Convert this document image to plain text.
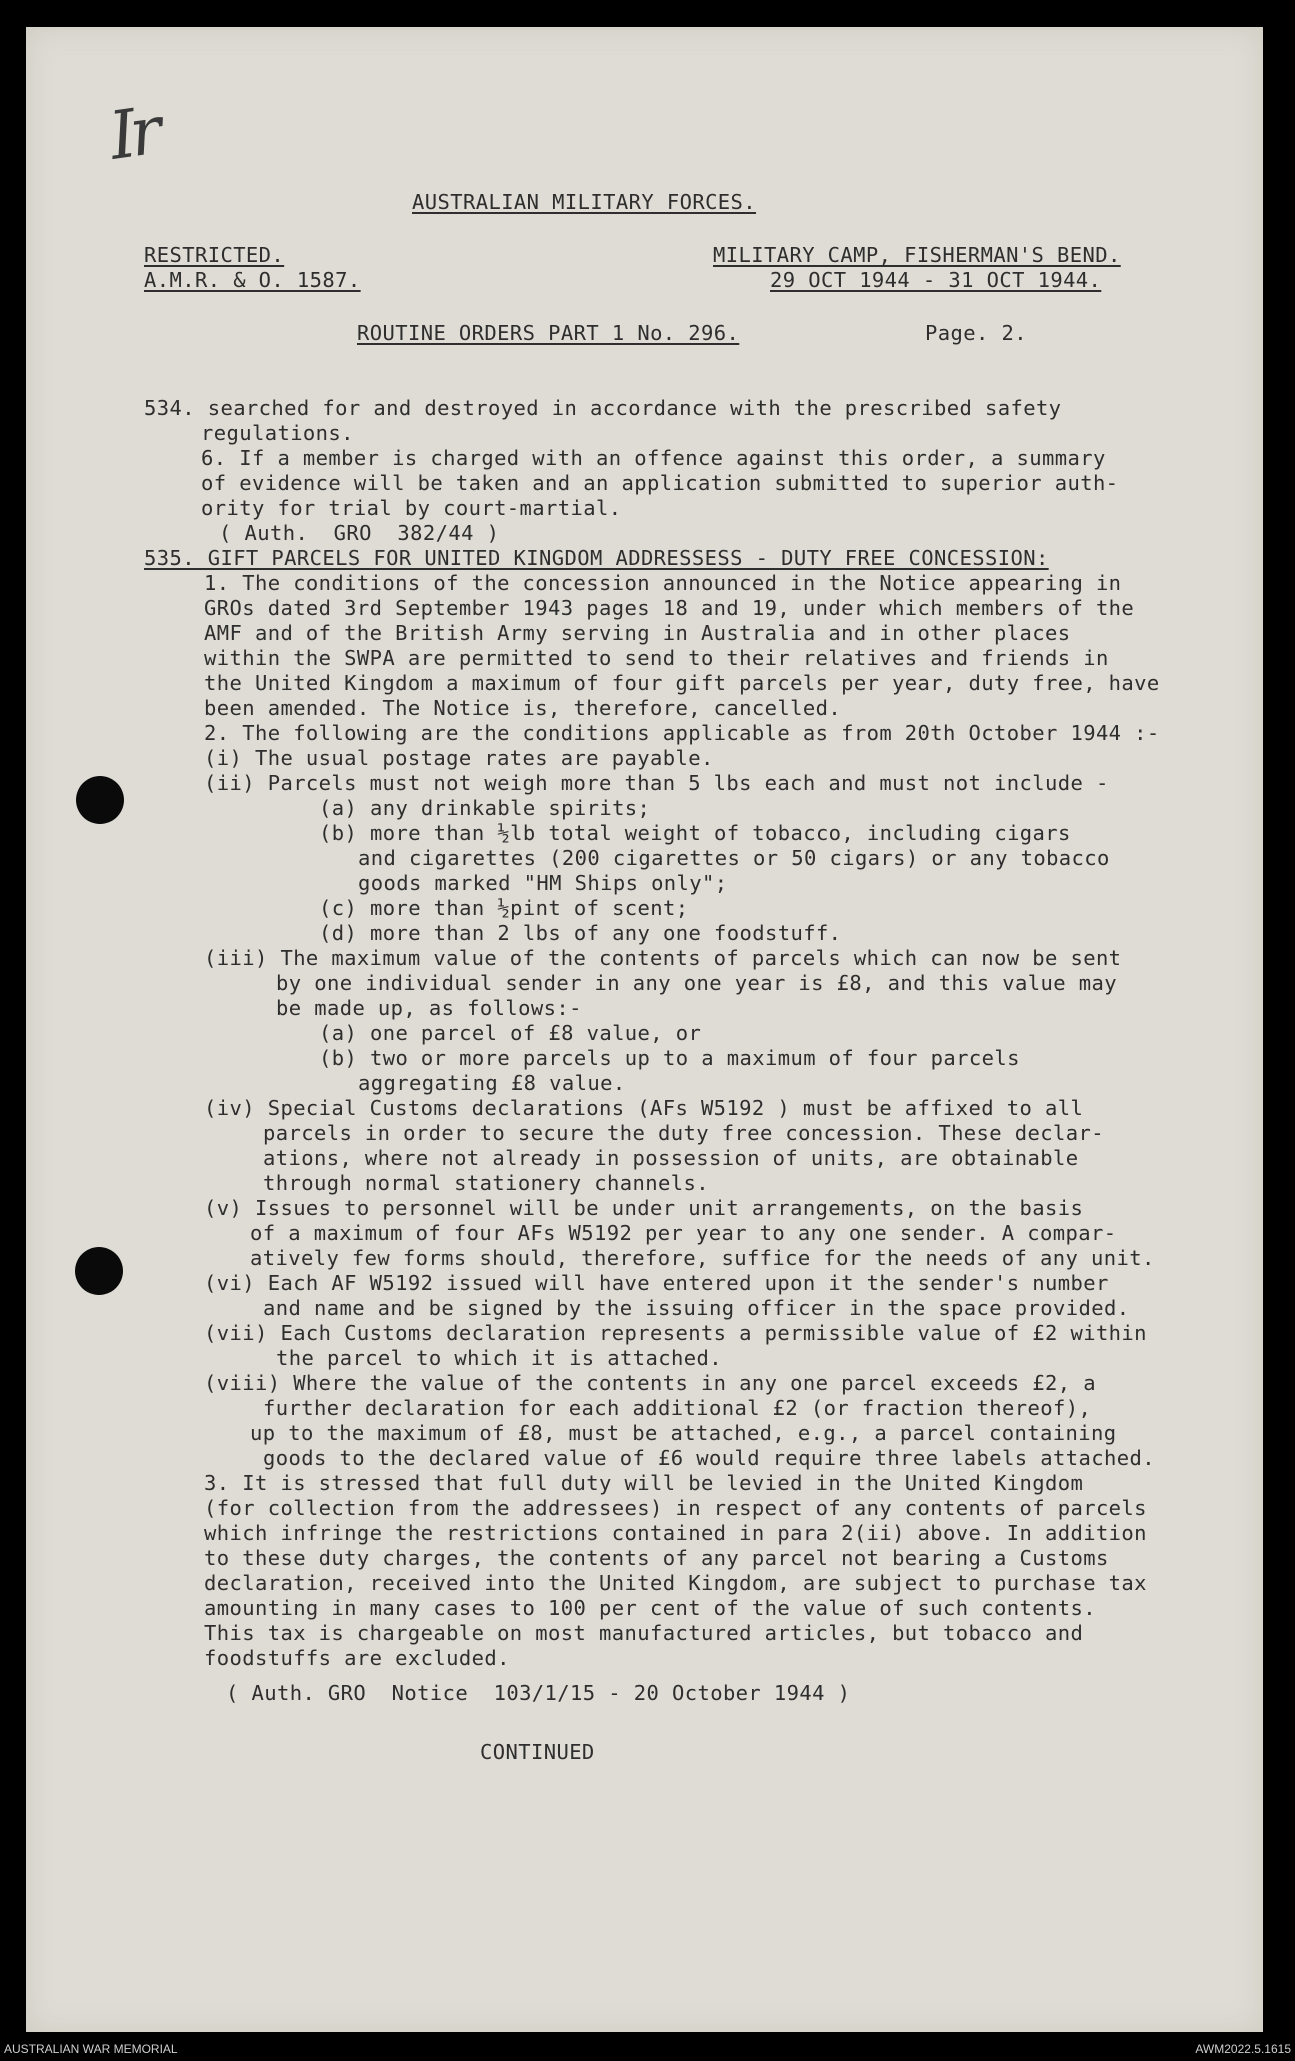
Ir
AUSTRALIAN MILITARY FORCES.
RESTRICTED.	MILITARY CAMP, FISHERMAN'S BEND.
A.M.R. & O. 1587.	29 OCT 1944 - 31 OCT 1944.
ROUTINE ORDERS PART 1 No. 296.	Page. 2.
534. searched for and destroyed in accordance with the prescribed safety
regulations.
6. If a member is charged with an offence against this order, a summary
of evidence will be taken and an application submitted to superior auth-
ority for trial by court-martial.
( Auth.  GRO  382/44 )
535. GIFT PARCELS FOR UNITED KINGDOM ADDRESSESS - DUTY FREE CONCESSION:
1. The conditions of the concession announced in the Notice appearing in
GROs dated 3rd September 1943 pages 18 and 19, under which members of the
AMF and of the British Army serving in Australia and in other places
within the SWPA are permitted to send to their relatives and friends in
the United Kingdom a maximum of four gift parcels per year, duty free, have
been amended. The Notice is, therefore, cancelled.
2. The following are the conditions applicable as from 20th October 1944 :-
(i) The usual postage rates are payable.
(ii) Parcels must not weigh more than 5 lbs each and must not include -
(a) any drinkable spirits;
(b) more than ½lb total weight of tobacco, including cigars
and cigarettes (200 cigarettes or 50 cigars) or any tobacco
goods marked "HM Ships only";
(c) more than ½pint of scent;
(d) more than 2 lbs of any one foodstuff.
(iii) The maximum value of the contents of parcels which can now be sent
by one individual sender in any one year is £8, and this value may
be made up, as follows:-
(a) one parcel of £8 value, or
(b) two or more parcels up to a maximum of four parcels
aggregating £8 value.
(iv) Special Customs declarations (AFs W5192 ) must be affixed to all
parcels in order to secure the duty free concession. These declar-
ations, where not already in possession of units, are obtainable
through normal stationery channels.
(v) Issues to personnel will be under unit arrangements, on the basis
of a maximum of four AFs W5192 per year to any one sender. A compar-
atively few forms should, therefore, suffice for the needs of any unit.
(vi) Each AF W5192 issued will have entered upon it the sender's number
and name and be signed by the issuing officer in the space provided.
(vii) Each Customs declaration represents a permissible value of £2 within
the parcel to which it is attached.
(viii) Where the value of the contents in any one parcel exceeds £2, a
further declaration for each additional £2 (or fraction thereof),
up to the maximum of £8, must be attached, e.g., a parcel containing
goods to the declared value of £6 would require three labels attached.
3. It is stressed that full duty will be levied in the United Kingdom
(for collection from the addressees) in respect of any contents of parcels
which infringe the restrictions contained in para 2(ii) above. In addition
to these duty charges, the contents of any parcel not bearing a Customs
declaration, received into the United Kingdom, are subject to purchase tax
amounting in many cases to 100 per cent of the value of such contents.
This tax is chargeable on most manufactured articles, but tobacco and
foodstuffs are excluded.
( Auth. GRO  Notice  103/1/15 - 20 October 1944 )
CONTINUED
AUSTRALIAN WAR MEMORIAL	AWM2022.5.1615
